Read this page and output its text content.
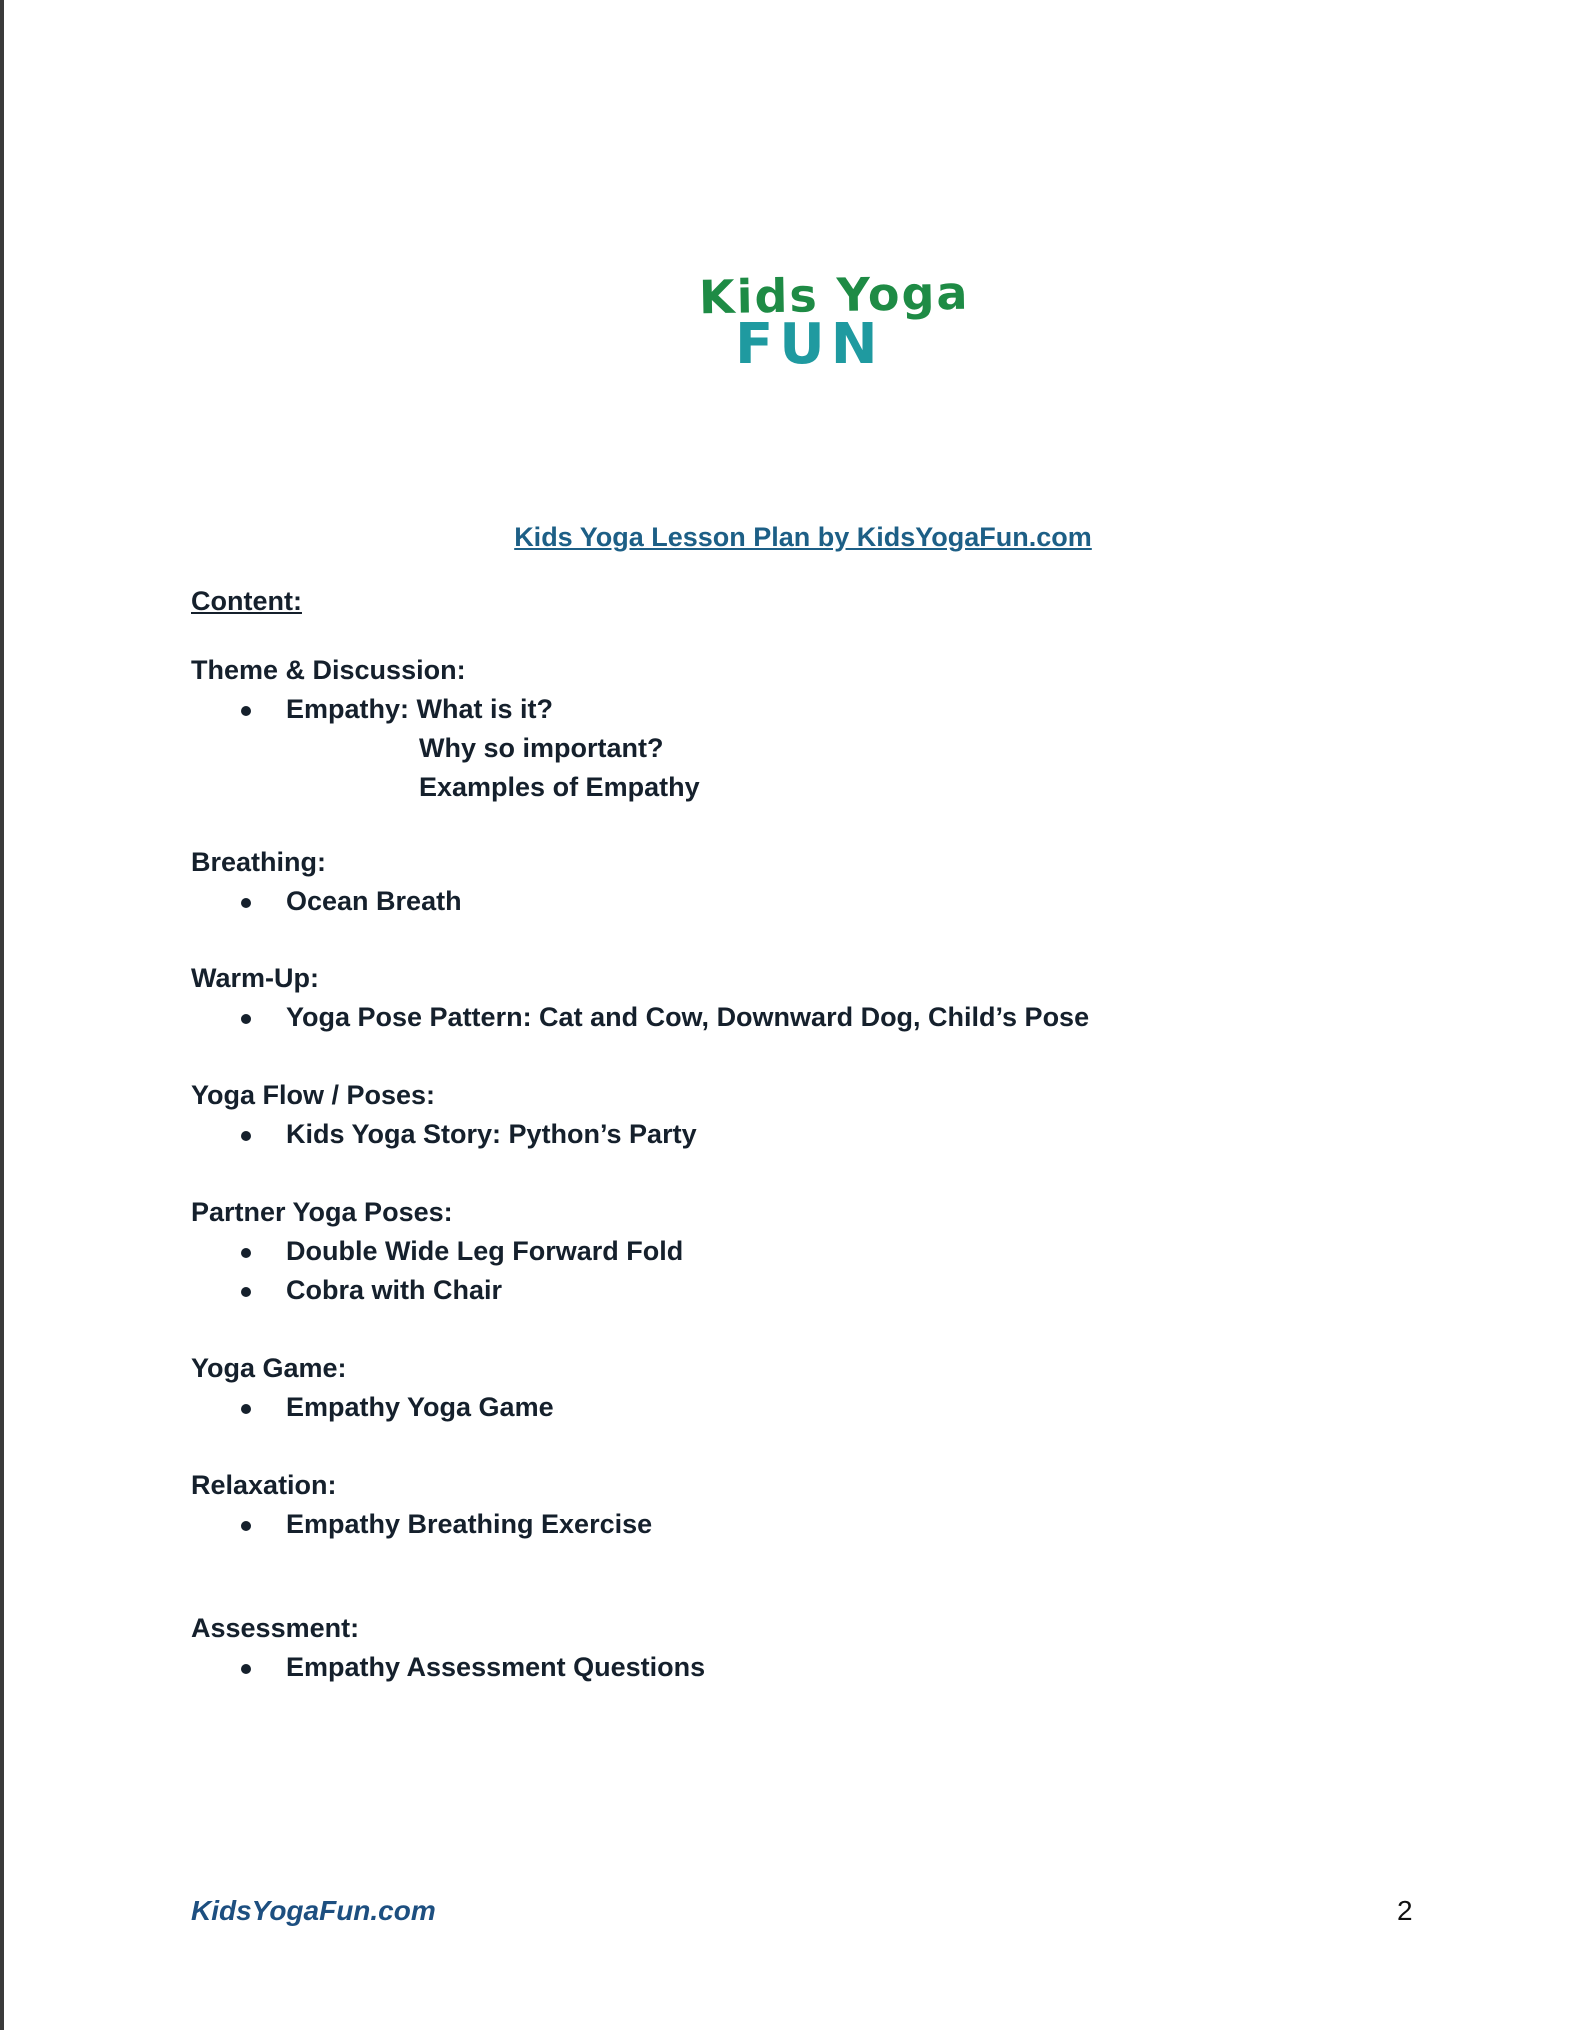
Kids Yoga
FUN
Kids Yoga Lesson Plan by KidsYogaFun.com
Content:
Theme & Discussion:
Empathy: What is it?
Why so important?
Examples of Empathy
Breathing:
Ocean Breath
Warm-Up:
Yoga Pose Pattern: Cat and Cow, Downward Dog, Child’s Pose
Yoga Flow / Poses:
Kids Yoga Story: Python’s Party
Partner Yoga Poses:
Double Wide Leg Forward Fold
Cobra with Chair
Yoga Game:
Empathy Yoga Game
Relaxation:
Empathy Breathing Exercise
Assessment:
Empathy Assessment Questions
KidsYogaFun.com	2
